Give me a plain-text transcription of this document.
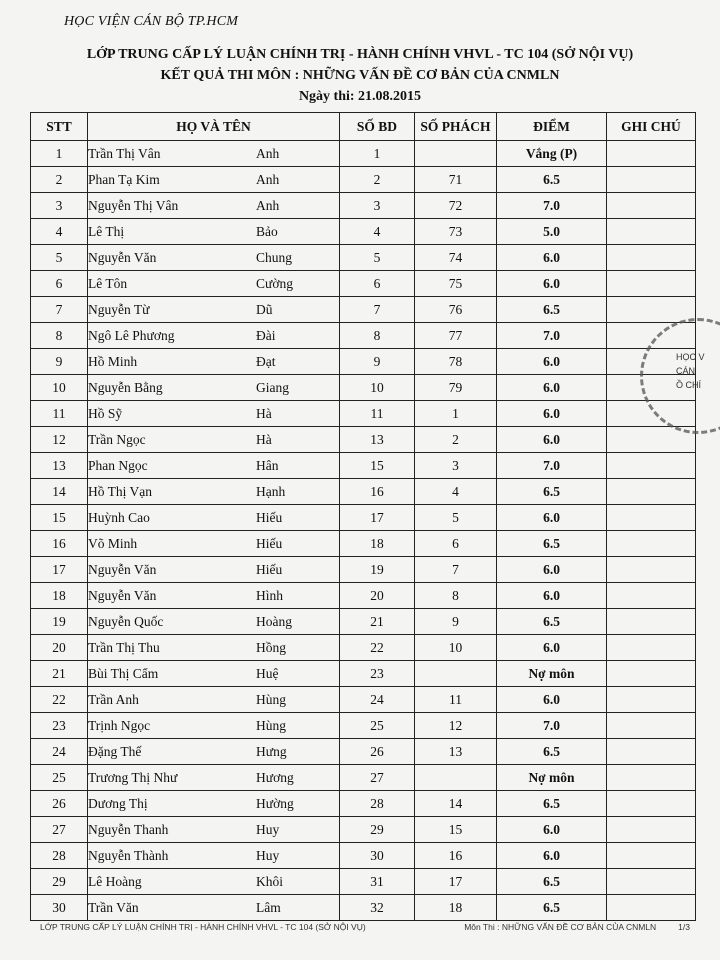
HỌC VIỆN CÁN BỘ TP.HCM
LỚP TRUNG CẤP LÝ LUẬN CHÍNH TRỊ - HÀNH CHÍNH VHVL - TC 104 (SỞ NỘI VỤ)
KẾT QUẢ THI MÔN : NHỮNG VẤN ĐỀ CƠ BẢN CỦA CNMLN
Ngày thi: 21.08.2015
STT	HỌ VÀ TÊN	SỐ BD	SỐ PHÁCH	ĐIỂM	GHI CHÚ
1	Trần Thị Vân Anh	1		Vắng (P)	
2	Phan Tạ Kim Anh	2	71	6.5	
3	Nguyễn Thị Vân Anh	3	72	7.0	
4	Lê Thị Bảo	4	73	5.0	
5	Nguyễn Văn Chung	5	74	6.0	
6	Lê Tôn Cường	6	75	6.0	
7	Nguyễn Từ Dũ	7	76	6.5	
8	Ngô Lê Phương Đài	8	77	7.0	
9	Hồ Minh Đạt	9	78	6.0	
10	Nguyễn Bằng Giang	10	79	6.0	
11	Hồ Sỹ Hà	11	1	6.0	
12	Trần Ngọc Hà	13	2	6.0	
13	Phan Ngọc Hân	15	3	7.0	
14	Hồ Thị Vạn Hạnh	16	4	6.5	
15	Huỳnh Cao Hiếu	17	5	6.0	
16	Võ Minh Hiếu	18	6	6.5	
17	Nguyễn Văn Hiếu	19	7	6.0	
18	Nguyễn Văn Hình	20	8	6.0	
19	Nguyễn Quốc Hoàng	21	9	6.5	
20	Trần Thị Thu Hồng	22	10	6.0	
21	Bùi Thị Cẩm Huệ	23		Nợ môn	
22	Trần Anh Hùng	24	11	6.0	
23	Trịnh Ngọc Hùng	25	12	7.0	
24	Đặng Thế Hưng	26	13	6.5	
25	Trương Thị Như Hương	27		Nợ môn	
26	Dương Thị Hường	28	14	6.5	
27	Nguyễn Thanh Huy	29	15	6.0	
28	Nguyễn Thành Huy	30	16	6.0	
29	Lê Hoàng Khôi	31	17	6.5	
30	Trần Văn Lâm	32	18	6.5	
HỌC V
CÁN
Ồ CHÍ
LỚP TRUNG CẤP LÝ LUẬN CHÍNH TRỊ - HÀNH CHÍNH VHVL - TC 104 (SỞ NỘI VỤ)	Môn Thi : NHỮNG VẤN ĐỀ CƠ BẢN CỦA CNMLN	1/3
